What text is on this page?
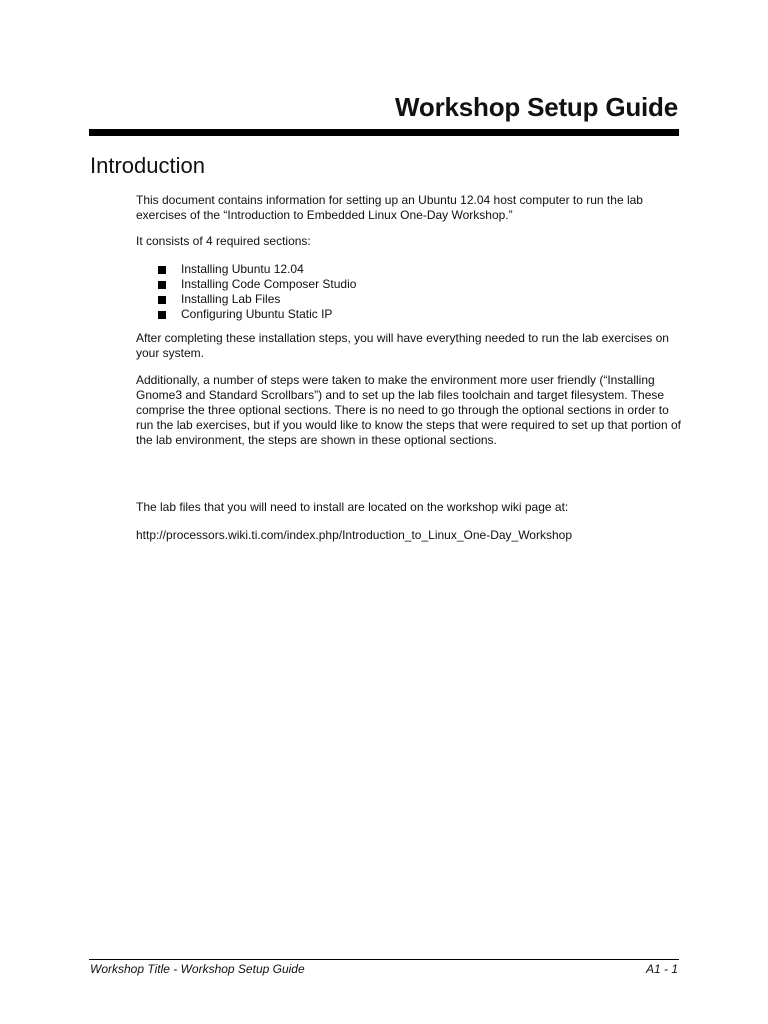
Workshop Setup Guide
Introduction

This document contains information for setting up an Ubuntu 12.04 host computer to run the lab exercises of the “Introduction to Embedded Linux One-Day Workshop.”

It consists of 4 required sections:

Installing Ubuntu 12.04
Installing Code Composer Studio
Installing Lab Files
Configuring Ubuntu Static IP

After completing these installation steps, you will have everything needed to run the lab exercises on your system.

Additionally, a number of steps were taken to make the environment more user friendly (“Installing Gnome3 and Standard Scrollbars”) and to set up the lab files toolchain and target filesystem. These comprise the three optional sections. There is no need to go through the optional sections in order to run the lab exercises, but if you would like to know the steps that were required to set up that portion of the lab environment, the steps are shown in these optional sections.

The lab files that you will need to install are located on the workshop wiki page at:

http://processors.wiki.ti.com/index.php/Introduction_to_Linux_One-Day_Workshop

Workshop Title - Workshop Setup Guide	A1 - 1
